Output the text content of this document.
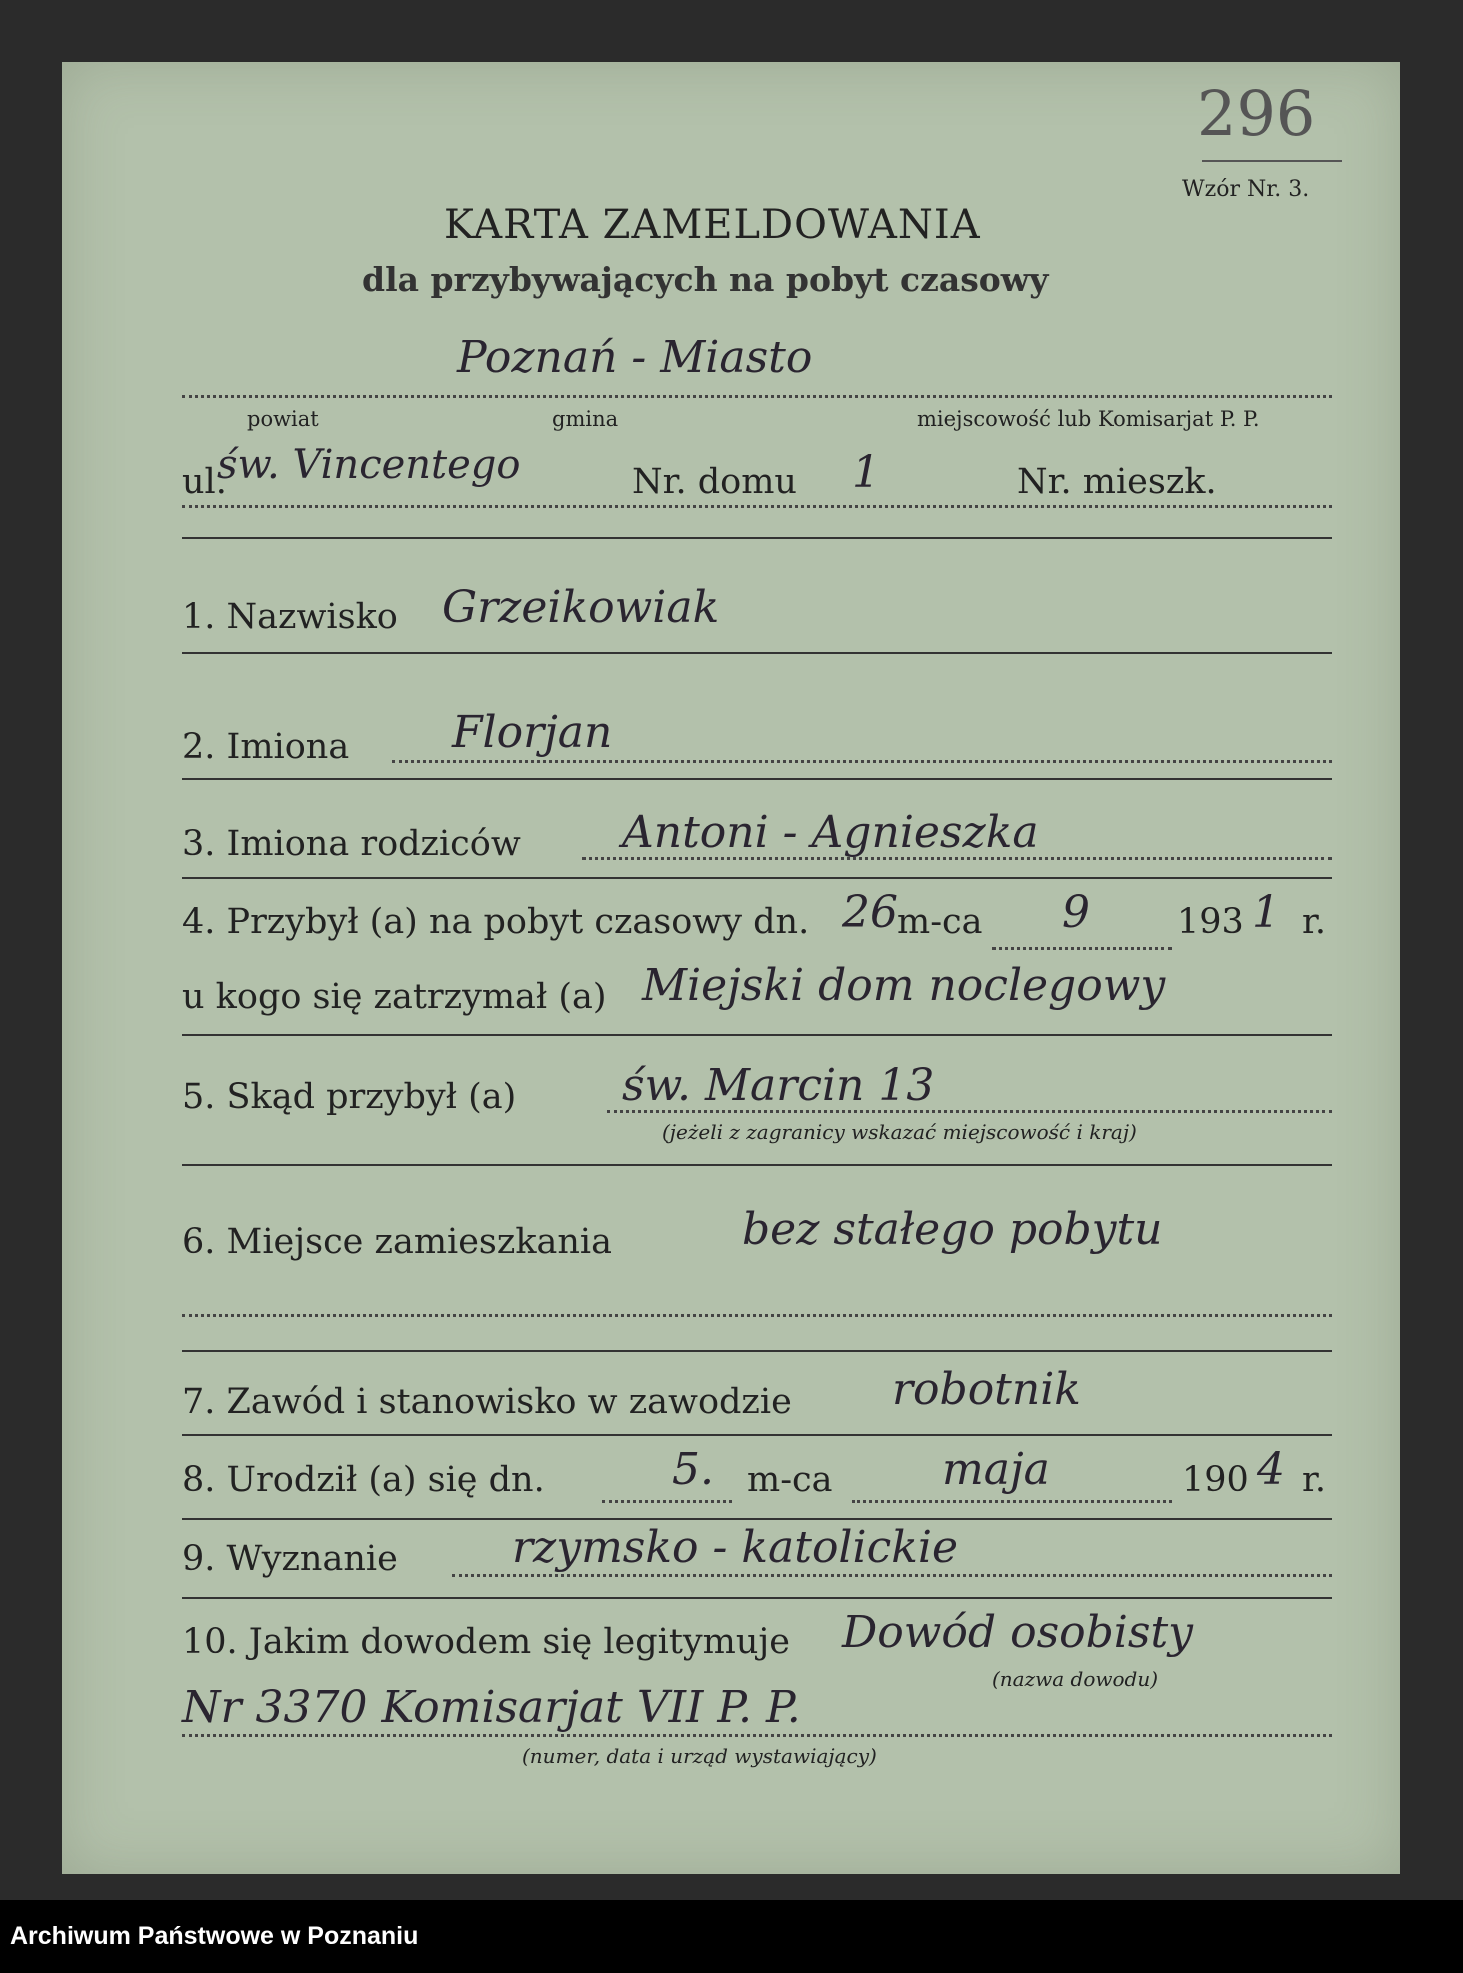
296
Wzór Nr. 3.
KARTA ZAMELDOWANIA
dla przybywających na pobyt czasowy
Poznań - Miasto
powiat	gmina	miejscowość lub Komisarjat P. P.
ul.
św. Vincentego	Nr. domu 1	Nr. mieszk.
1. Nazwisko Grzeikowiak
2. Imiona Florjan
3. Imiona rodziców Antoni - Agnieszka
4. Przybył (a) na pobyt czasowy dn. 26 m-ca 9 193 1 r.
u kogo się zatrzymał (a) Miejski dom noclegowy
5. Skąd przybył (a) św. Marcin 13
(jeżeli z zagranicy wskazać miejscowość i kraj)
6. Miejsce zamieszkania	bez stałego pobytu
7. Zawód i stanowisko w zawodzie robotnik
8. Urodził (a) się dn.	5. m-ca maja	190 4 r.
9. Wyznanie	rzymsko - katolickie
10. Jakim dowodem się legitymuje Dowód osobisty
(nazwa dowodu)
Nr 3370 Komisarjat VII P. P.
(numer, data i urząd wystawiający)
Archiwum Państwowe w Poznaniu
